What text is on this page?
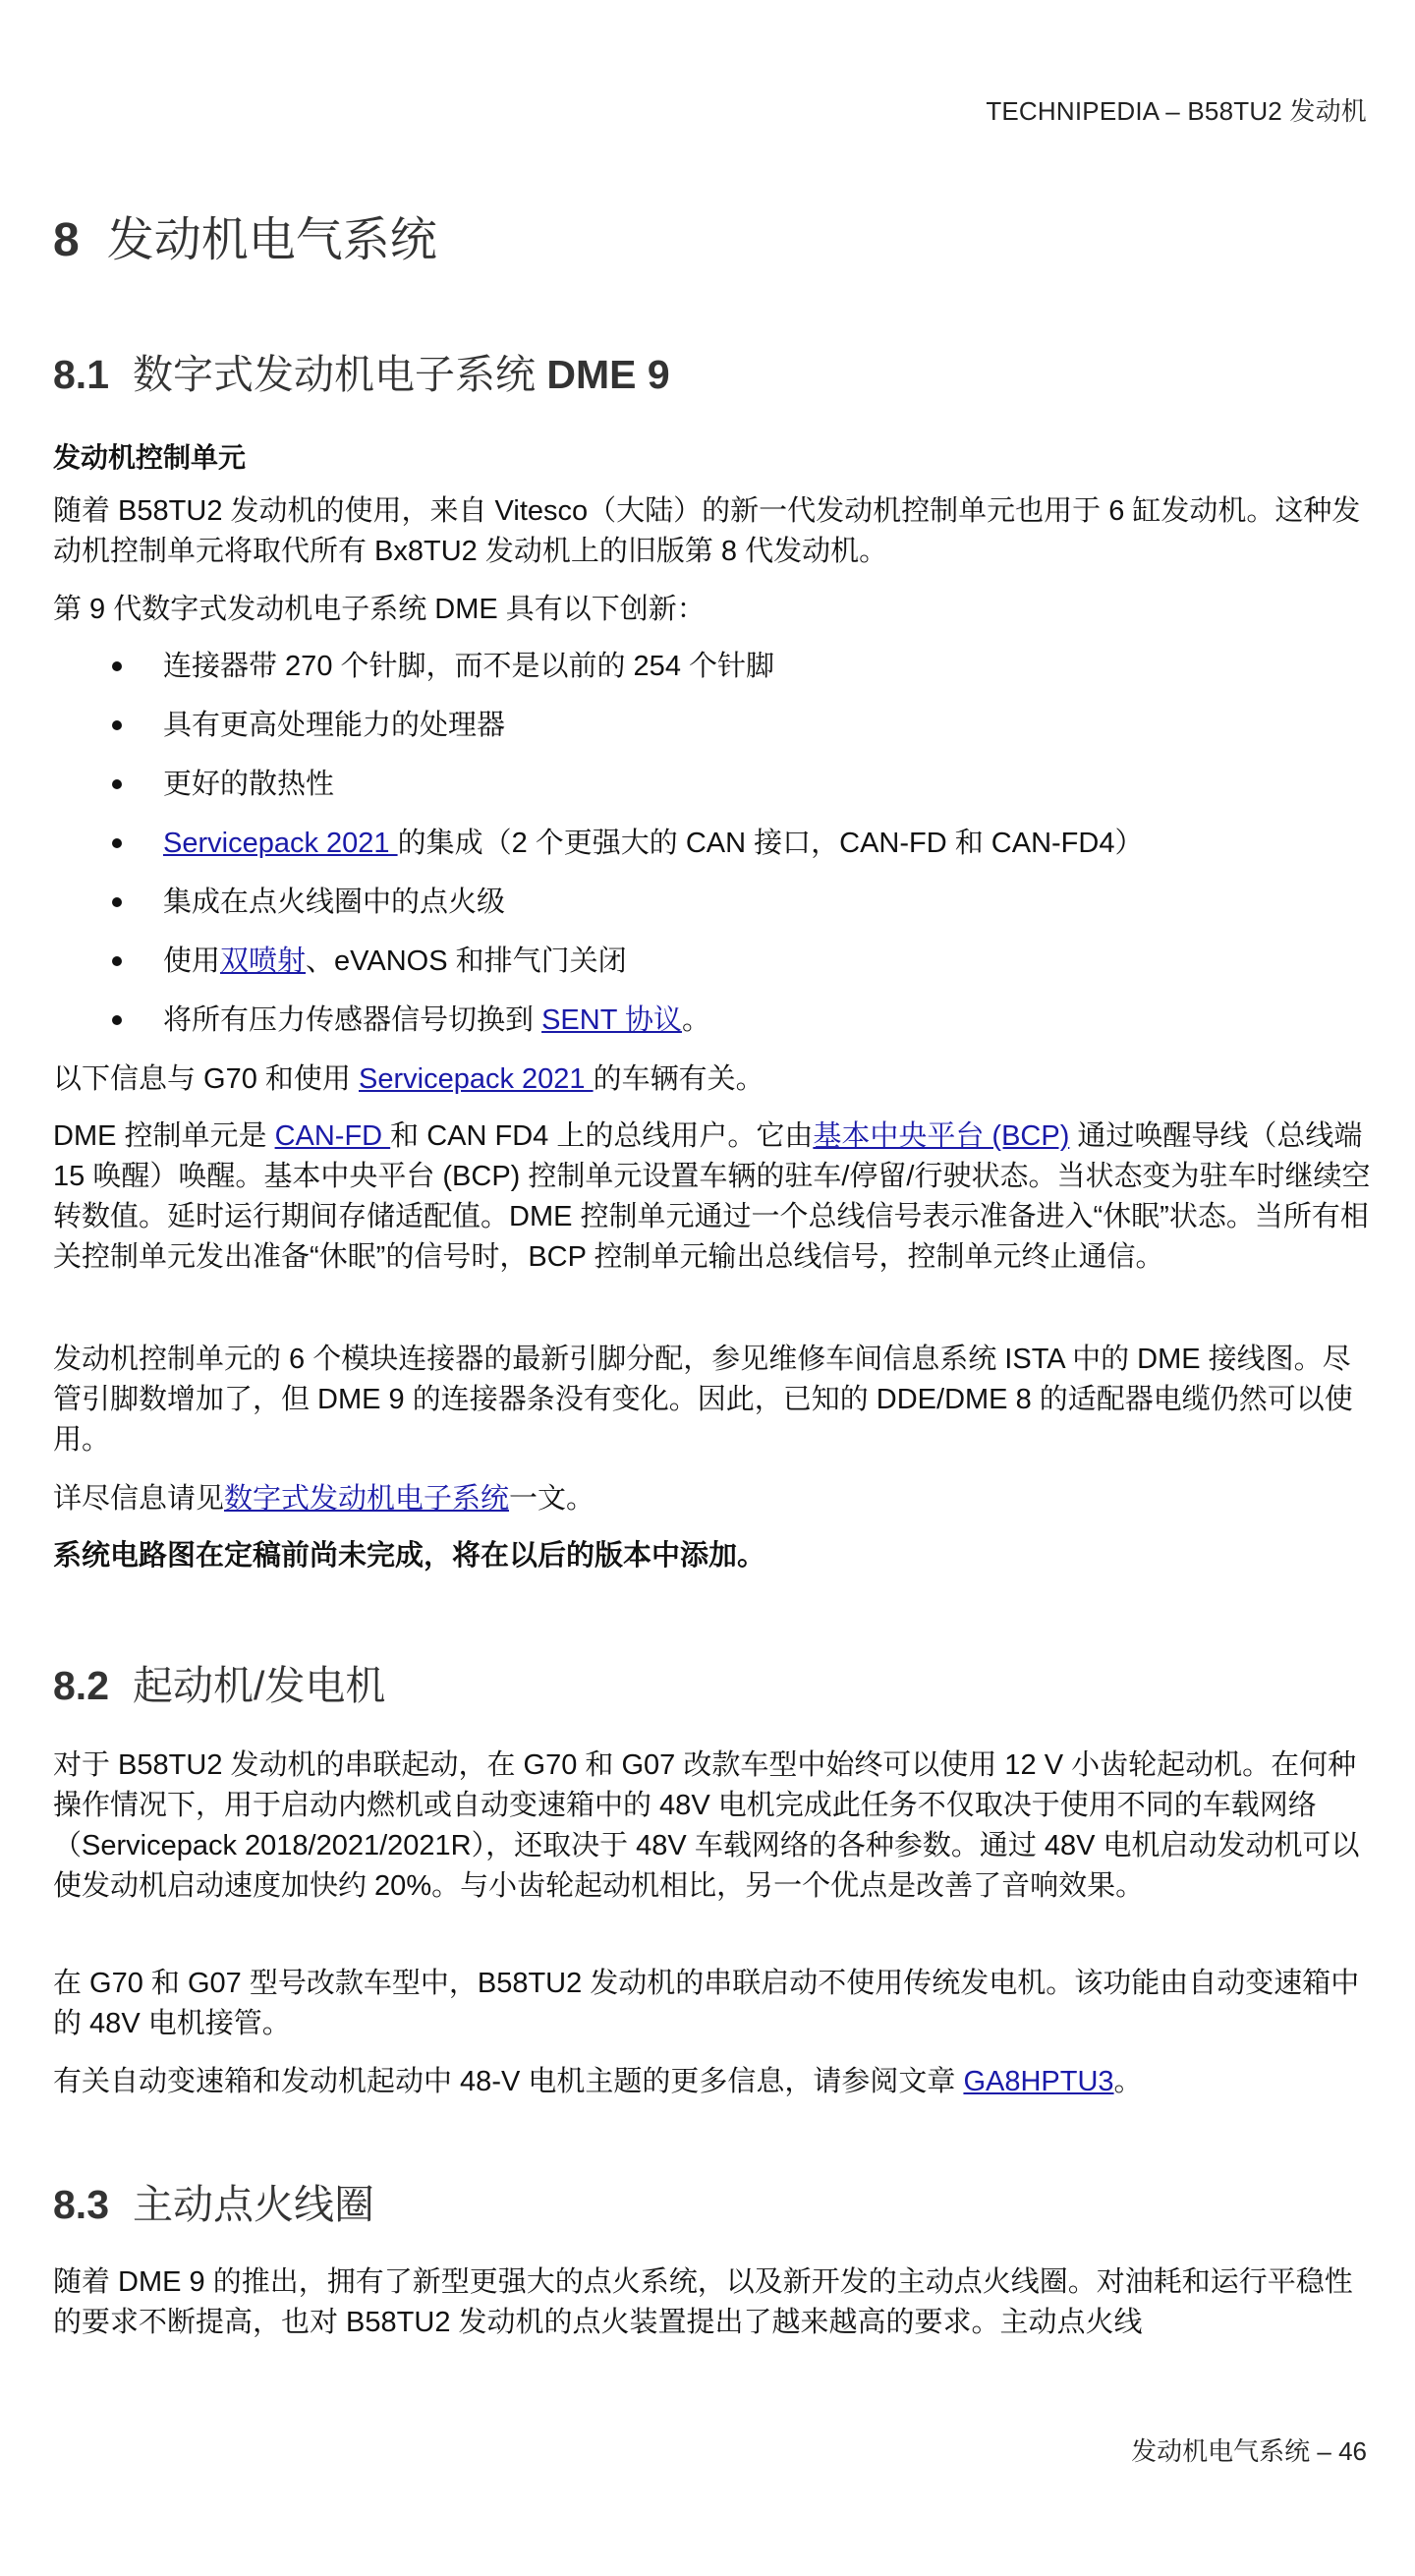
TECHNIPEDIA – B58TU2 发动机
8 发动机电气系统
8.1 数字式发动机电子系统 DME 9
发动机控制单元

随着 B58TU2 发动机的使用，来自 Vitesco（大陆）的新一代发动机控制单元也用于 6 缸发动机。这种发动机控制单元将取代所有 Bx8TU2 发动机上的旧版第 8 代发动机。

第 9 代数字式发动机电子系统 DME 具有以下创新：

连接器带 270 个针脚，而不是以前的 254 个针脚
具有更高处理能力的处理器
更好的散热性
Servicepack 2021 的集成（2 个更强大的 CAN 接口，CAN-FD 和 CAN-FD4）
集成在点火线圈中的点火级
使用双喷射、eVANOS 和排气门关闭
将所有压力传感器信号切换到 SENT 协议。

以下信息与 G70 和使用 Servicepack 2021 的车辆有关。

DME 控制单元是 CAN-FD 和 CAN FD4 上的总线用户。它由基本中央平台 (BCP) 通过唤醒导线（总线端 15 唤醒）唤醒。基本中央平台 (BCP) 控制单元设置车辆的驻车/停留/行驶状态。当状态变为驻车时继续空转数值。延时运行期间存储适配值。DME 控制单元通过一个总线信号表示准备进入“休眠”状态。当所有相关控制单元发出准备“休眠”的信号时，BCP 控制单元输出总线信号，控制单元终止通信。

发动机控制单元的 6 个模块连接器的最新引脚分配，参见维修车间信息系统 ISTA 中的 DME 接线图。尽管引脚数增加了，但 DME 9 的连接器条没有变化。因此，已知的 DDE/DME 8 的适配器电缆仍然可以使用。

详尽信息请见数字式发动机电子系统一文。

系统电路图在定稿前尚未完成，将在以后的版本中添加。

8.2 起动机/发电机

对于 B58TU2 发动机的串联起动，在 G70 和 G07 改款车型中始终可以使用 12 V 小齿轮起动机。在何种操作情况下，用于启动内燃机或自动变速箱中的 48V 电机完成此任务不仅取决于使用不同的车载网络（Servicepack 2018/2021/2021R），还取决于 48V 车载网络的各种参数。通过 48V 电机启动发动机可以使发动机启动速度加快约 20%。与小齿轮起动机相比，另一个优点是改善了音响效果。

在 G70 和 G07 型号改款车型中，B58TU2 发动机的串联启动不使用传统发电机。该功能由自动变速箱中的 48V 电机接管。

有关自动变速箱和发动机起动中 48-V 电机主题的更多信息，请参阅文章 GA8HPTU3。

8.3 主动点火线圈

随着 DME 9 的推出，拥有了新型更强大的点火系统，以及新开发的主动点火线圈。对油耗和运行平稳性的要求不断提高，也对 B58TU2 发动机的点火装置提出了越来越高的要求。主动点火线

发动机电气系统 – 46
